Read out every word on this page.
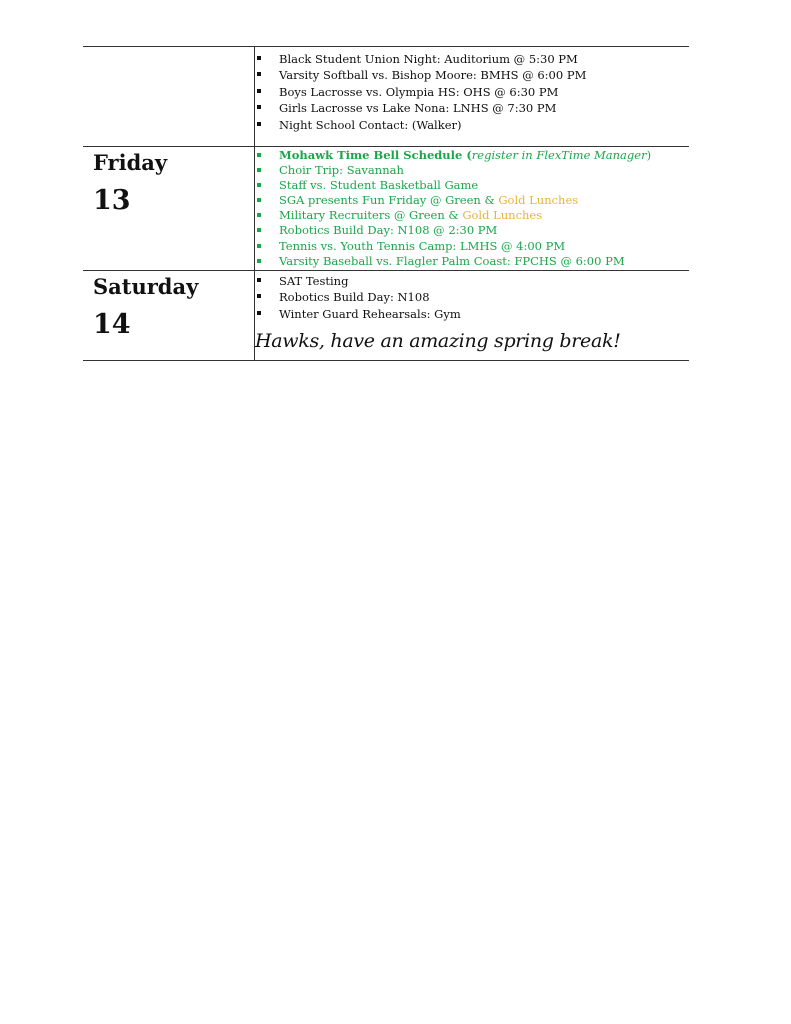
Black Student Union Night: Auditorium @ 5:30 PM
Varsity Softball vs. Bishop Moore: BMHS @ 6:00 PM
Boys Lacrosse vs. Olympia HS: OHS @ 6:30 PM
Girls Lacrosse vs Lake Nona: LNHS @ 7:30 PM
Night School Contact: (Walker)
Friday
13
Mohawk Time Bell Schedule (register in FlexTime Manager)
Choir Trip: Savannah
Staff vs. Student Basketball Game
SGA presents Fun Friday @ Green & Gold Lunches
Military Recruiters @ Green & Gold Lunches
Robotics Build Day: N108 @ 2:30 PM
Tennis vs. Youth Tennis Camp: LMHS @ 4:00 PM
Varsity Baseball vs. Flagler Palm Coast: FPCHS @ 6:00 PM
Saturday
14
SAT Testing
Robotics Build Day: N108
Winter Guard Rehearsals: Gym
Hawks, have an amazing spring break!
